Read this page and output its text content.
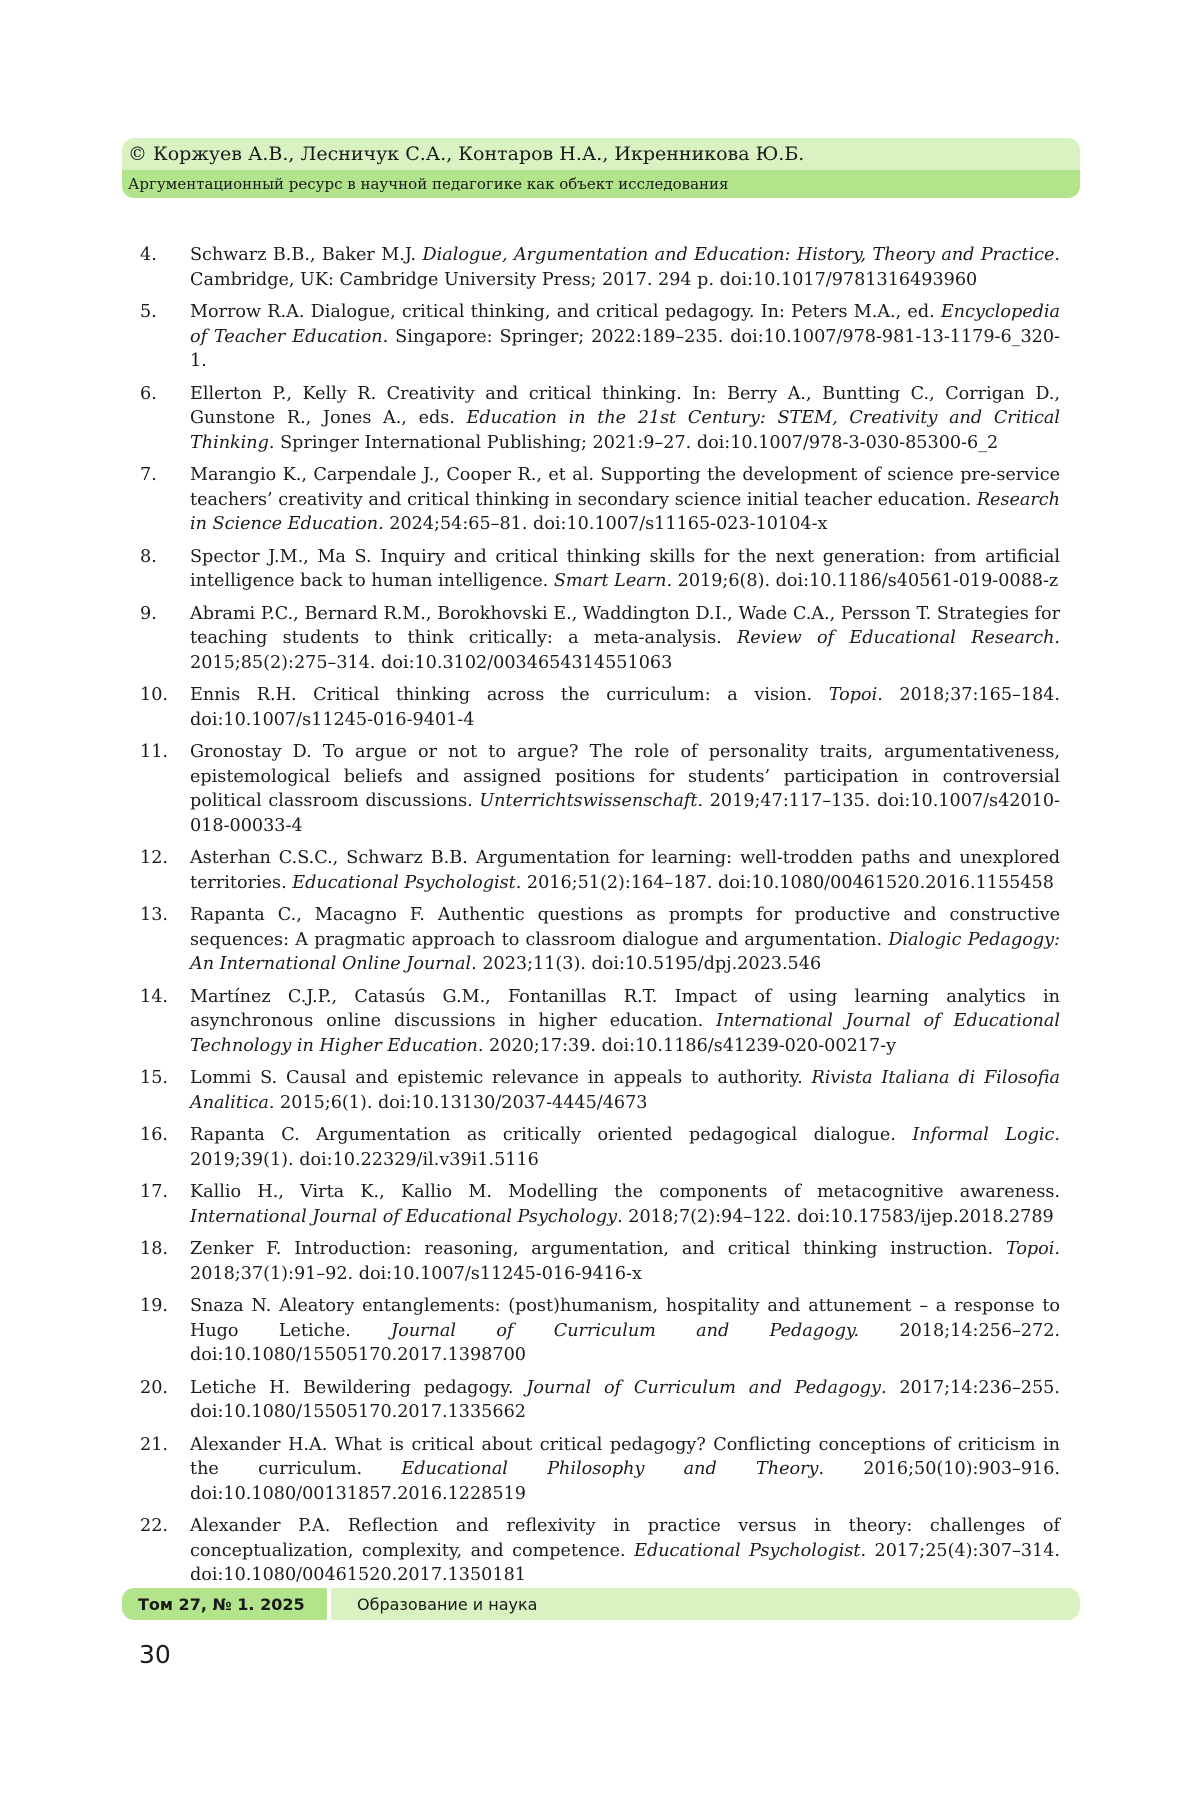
© Коржуев А.В., Лесничук С.А., Контаров Н.А., Икренникова Ю.Б.
Аргументационный ресурс в научной педагогике как объект исследования
4.	Schwarz B.B., Baker M.J. Dialogue, Argumentation and Education: History, Theory and Practice. Cambridge, UK: Cambridge University Press; 2017. 294 p. doi:10.1017/9781316493960
5.	Morrow R.A. Dialogue, critical thinking, and critical pedagogy. In: Peters M.A., ed. Encyclopedia of Teacher Education. Singapore: Springer; 2022:189–235. doi:10.1007/978-981-13-1179-6_320-1.
6.	Ellerton P., Kelly R. Creativity and critical thinking. In: Berry A., Buntting C., Corrigan D., Gunstone R., Jones A., eds. Education in the 21st Century: STEM, Creativity and Critical Thinking. Springer International Publishing; 2021:9–27. doi:10.1007/978-3-030-85300-6_2
7.	Marangio K., Carpendale J., Cooper R., et al. Supporting the development of science pre-service teachers’ creativity and critical thinking in secondary science initial teacher education. Research in Science Education. 2024;54:65–81. doi:10.1007/s11165-023-10104-x
8.	Spector J.M., Ma S. Inquiry and critical thinking skills for the next generation: from artificial intelligence back to human intelligence. Smart Learn. 2019;6(8). doi:10.1186/s40561-019-0088-z
9.	Abrami P.C., Bernard R.M., Borokhovski E., Waddington D.I., Wade C.A., Persson T. Strategies for teaching students to think critically: a meta-analysis. Review of Educational Research. 2015;85(2):275–314. doi:10.3102/0034654314551063
10.	Ennis R.H. Critical thinking across the curriculum: a vision. Topoi. 2018;37:165–184. doi:10.1007/s11245-016-9401-4
11.	Gronostay D. To argue or not to argue? The role of personality traits, argumentativeness, epistemological beliefs and assigned positions for students’ participation in controversial political classroom discussions. Unterrichtswissenschaft. 2019;47:117–135. doi:10.1007/s42010-018-00033-4
12.	Asterhan C.S.C., Schwarz B.B. Argumentation for learning: well-trodden paths and unexplored territories. Educational Psychologist. 2016;51(2):164–187. doi:10.1080/00461520.2016.1155458
13.	Rapanta C., Macagno F. Authentic questions as prompts for productive and constructive sequences: A pragmatic approach to classroom dialogue and argumentation. Dialogic Pedagogy: An International Online Journal. 2023;11(3). doi:10.5195/dpj.2023.546
14.	Martínez C.J.P., Catasús G.M., Fontanillas R.T. Impact of using learning analytics in asynchronous online discussions in higher education. International Journal of Educational Technology in Higher Education. 2020;17:39. doi:10.1186/s41239-020-00217-y
15.	Lommi S. Causal and epistemic relevance in appeals to authority. Rivista Italiana di Filosofia Analitica. 2015;6(1). doi:10.13130/2037-4445/4673
16.	Rapanta C. Argumentation as critically oriented pedagogical dialogue. Informal Logic. 2019;39(1). doi:10.22329/il.v39i1.5116
17.	Kallio H., Virta K., Kallio M. Modelling the components of metacognitive awareness. International Journal of Educational Psychology. 2018;7(2):94–122. doi:10.17583/ijep.2018.2789
18.	Zenker F. Introduction: reasoning, argumentation, and critical thinking instruction. Topoi. 2018;37(1):91–92. doi:10.1007/s11245-016-9416-x
19.	Snaza N. Aleatory entanglements: (post)humanism, hospitality and attunement – a response to Hugo Letiche. Journal of Curriculum and Pedagogy. 2018;14:256–272. doi:10.1080/15505170.2017.1398700
20.	Letiche H. Bewildering pedagogy. Journal of Curriculum and Pedagogy. 2017;14:236–255. doi:10.1080/15505170.2017.1335662
21.	Alexander H.A. What is critical about critical pedagogy? Conflicting conceptions of criticism in the curriculum. Educational Philosophy and Theory. 2016;50(10):903–916. doi:10.1080/00131857.2016.1228519
22.	Alexander P.A. Reflection and reflexivity in practice versus in theory: challenges of conceptualization, complexity, and competence. Educational Psychologist. 2017;25(4):307–314. doi:10.1080/00461520.2017.1350181
Том 27, № 1. 2025	Образование и наука
30
